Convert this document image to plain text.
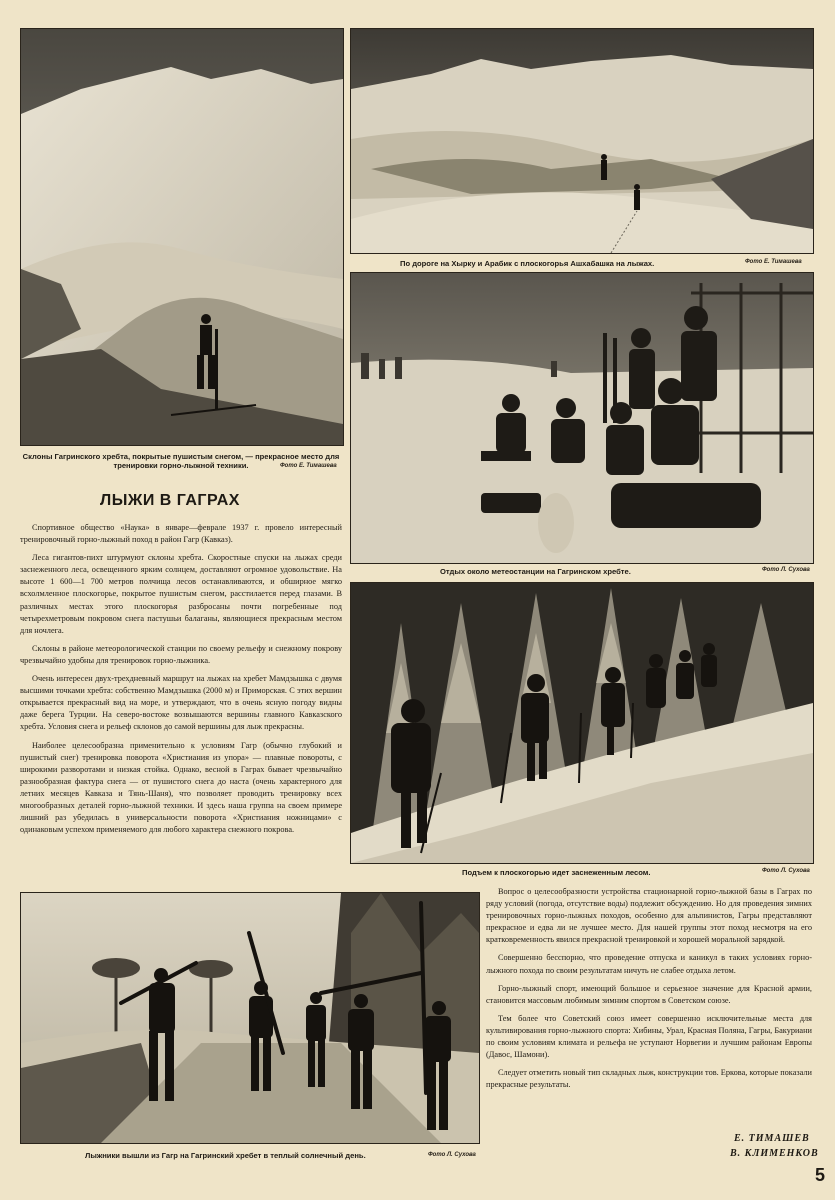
Склоны Гагринского хребта, покрытые пушистым снегом, — прекрасное место для тренировки горно-лыжной техники.	Фото Е. Тимашева
По дороге на Хырку и Арабик с плоскогорья Ашхабашка на лыжах.	Фото Е. Тимашева
Отдых около метеостанции на Гагринском хребте.	Фото Л. Сухова
Подъем к плоскогорью идет заснеженным лесом.	Фото Л. Сухова
Лыжники вышли из Гагр на Гагринский хребет в теплый солнечный день.	Фото Л. Сухова
ЛЫЖИ В ГАГРАХ

Спортивное общество «Наука» в январе—феврале 1937 г. провело интересный тренировочный горно-лыжный поход в район Гагр (Кавказ).

Леса гигантов-пихт штурмуют склоны хребта. Скоростные спуски на лыжах среди заснеженного леса, освещенного ярким солнцем, доставляют огромное удовольствие. На высоте 1 600—1 700 метров полчища лесов останавливаются, и обширное мягко всхолмленное плоскогорье, покрытое пушистым снегом, расстилается перед глазами. В различных местах этого плоскогорья разбросаны почти погребенные под четырехметровым покровом снега пастушьи балаганы, являющиеся прекрасным местом для ночлега.

Склоны в районе метеорологической станции по своему рельефу и снежному покрову чрезвычайно удобны для тренировок горно-лыжника.

Очень интересен двух-трехдневный маршрут на лыжах на хребет Мамдзышка с двумя высшими точками хребта: собственно Мамдзышка (2000 м) и Приморская. С этих вершин открывается прекрасный вид на море, и утверждают, что в очень ясную погоду видны даже берега Турции. На северо-востоке возвышаются вершины главного Кавказского хребта. Условия снега и рельеф склонов до самой вершины для лыж прекрасны.

Наиболее целесообразна применительно к условиям Гагр (обычно глубокий и пушистый снег) тренировка поворота «Христиания из упора» — плавные повороты, с широкими разворотами и низкая стойка. Однако, весной в Гаграх бывает чрезвычайно разнообразная фактура снега — от пушистого снега до наста (очень характерного для летних месяцев Кавказа и Тянь-Шаня), что позволяет проводить тренировку всех многообразных деталей горно-лыжной техники. И здесь наша группа на своем примере лишний раз убедилась в универсальности поворота «Христиания ножницами» с одинаковым успехом применяемого для любого характера снежного покрова.

Вопрос о целесообразности устройства стационарной горно-лыжной базы в Гаграх по ряду условий (погода, отсутствие воды) подлежит обсуждению. Но для проведения зимних тренировочных горно-лыжных походов, особенно для альпинистов, Гагры представляют прекрасное и едва ли не лучшее место. Для нашей группы этот поход несмотря на его кратковременность явился прекрасной тренировкой и хорошей моральной зарядкой.

Совершенно бесспорно, что проведение отпуска и каникул в таких условиях горно-лыжного похода по своим результатам ничуть не слабее отдыха летом.

Горно-лыжный спорт, имеющий большое и серьезное значение для Красной армии, становится массовым любимым зимним спортом в Советском союзе.

Тем более что Советский союз имеет совершенно исключительные места для культивирования горно-лыжного спорта: Хибины, Урал, Красная Поляна, Гагры, Бакуриани по своим условиям климата и рельефа не уступают Норвегии и лучшим районам Европы (Давос, Шамони).

Следует отметить новый тип складных лыж, конструкции тов. Еркова, которые показали прекрасные результаты.

Е. ТИМАШЕВ
В. КЛИМЕНКОВ
5
